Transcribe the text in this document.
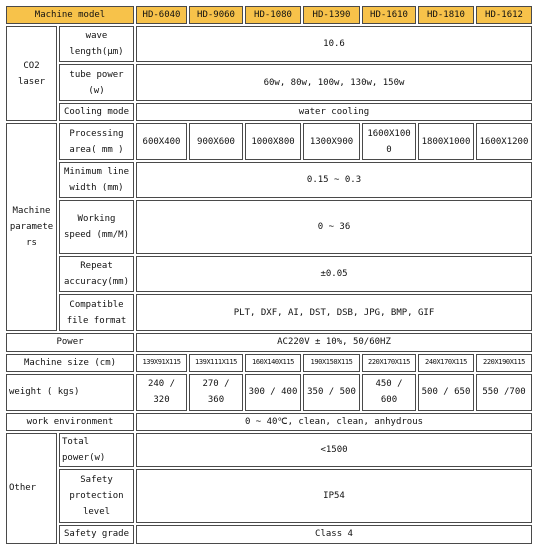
Machine model		HD-6040	HD-9060	HD-1080	HD-1390	HD-1610	HD-1810	HD-1612
CO2 laser	wave length(μm)	10.6						
	tube power (w)	60w, 80w, 100w, 130w, 150w						
	Cooling mode	water cooling						
Machine parameters	Processing area( mm )	600X400	900X600	1000X800	1300X900	1600X1000	1800X1000	1600X1200
	Minimum line width (mm)	0.15 ~ 0.3						
	Working speed (mm/M)	0 ~ 36						
	Repeat accuracy(mm)	±0.05						
	Compatible file format	PLT, DXF, AI, DST, DSB, JPG, BMP, GIF						
Power		AC220V ± 10%, 50/60HZ						
Machine size (cm)		139X91X115	139X111X115	160X140X115	190X150X115	220X170X115	240X170X115	220X190X115
weight ( kgs)		240 / 320	270 / 360	300 / 400	350 / 500	450 / 600	500 / 650	550 /700
work environment		0 ~ 40℃, clean, clean, anhydrous						
Other	Total power(w)	<1500						
	Safety protection level	IP54						
	Safety grade	Class 4						
